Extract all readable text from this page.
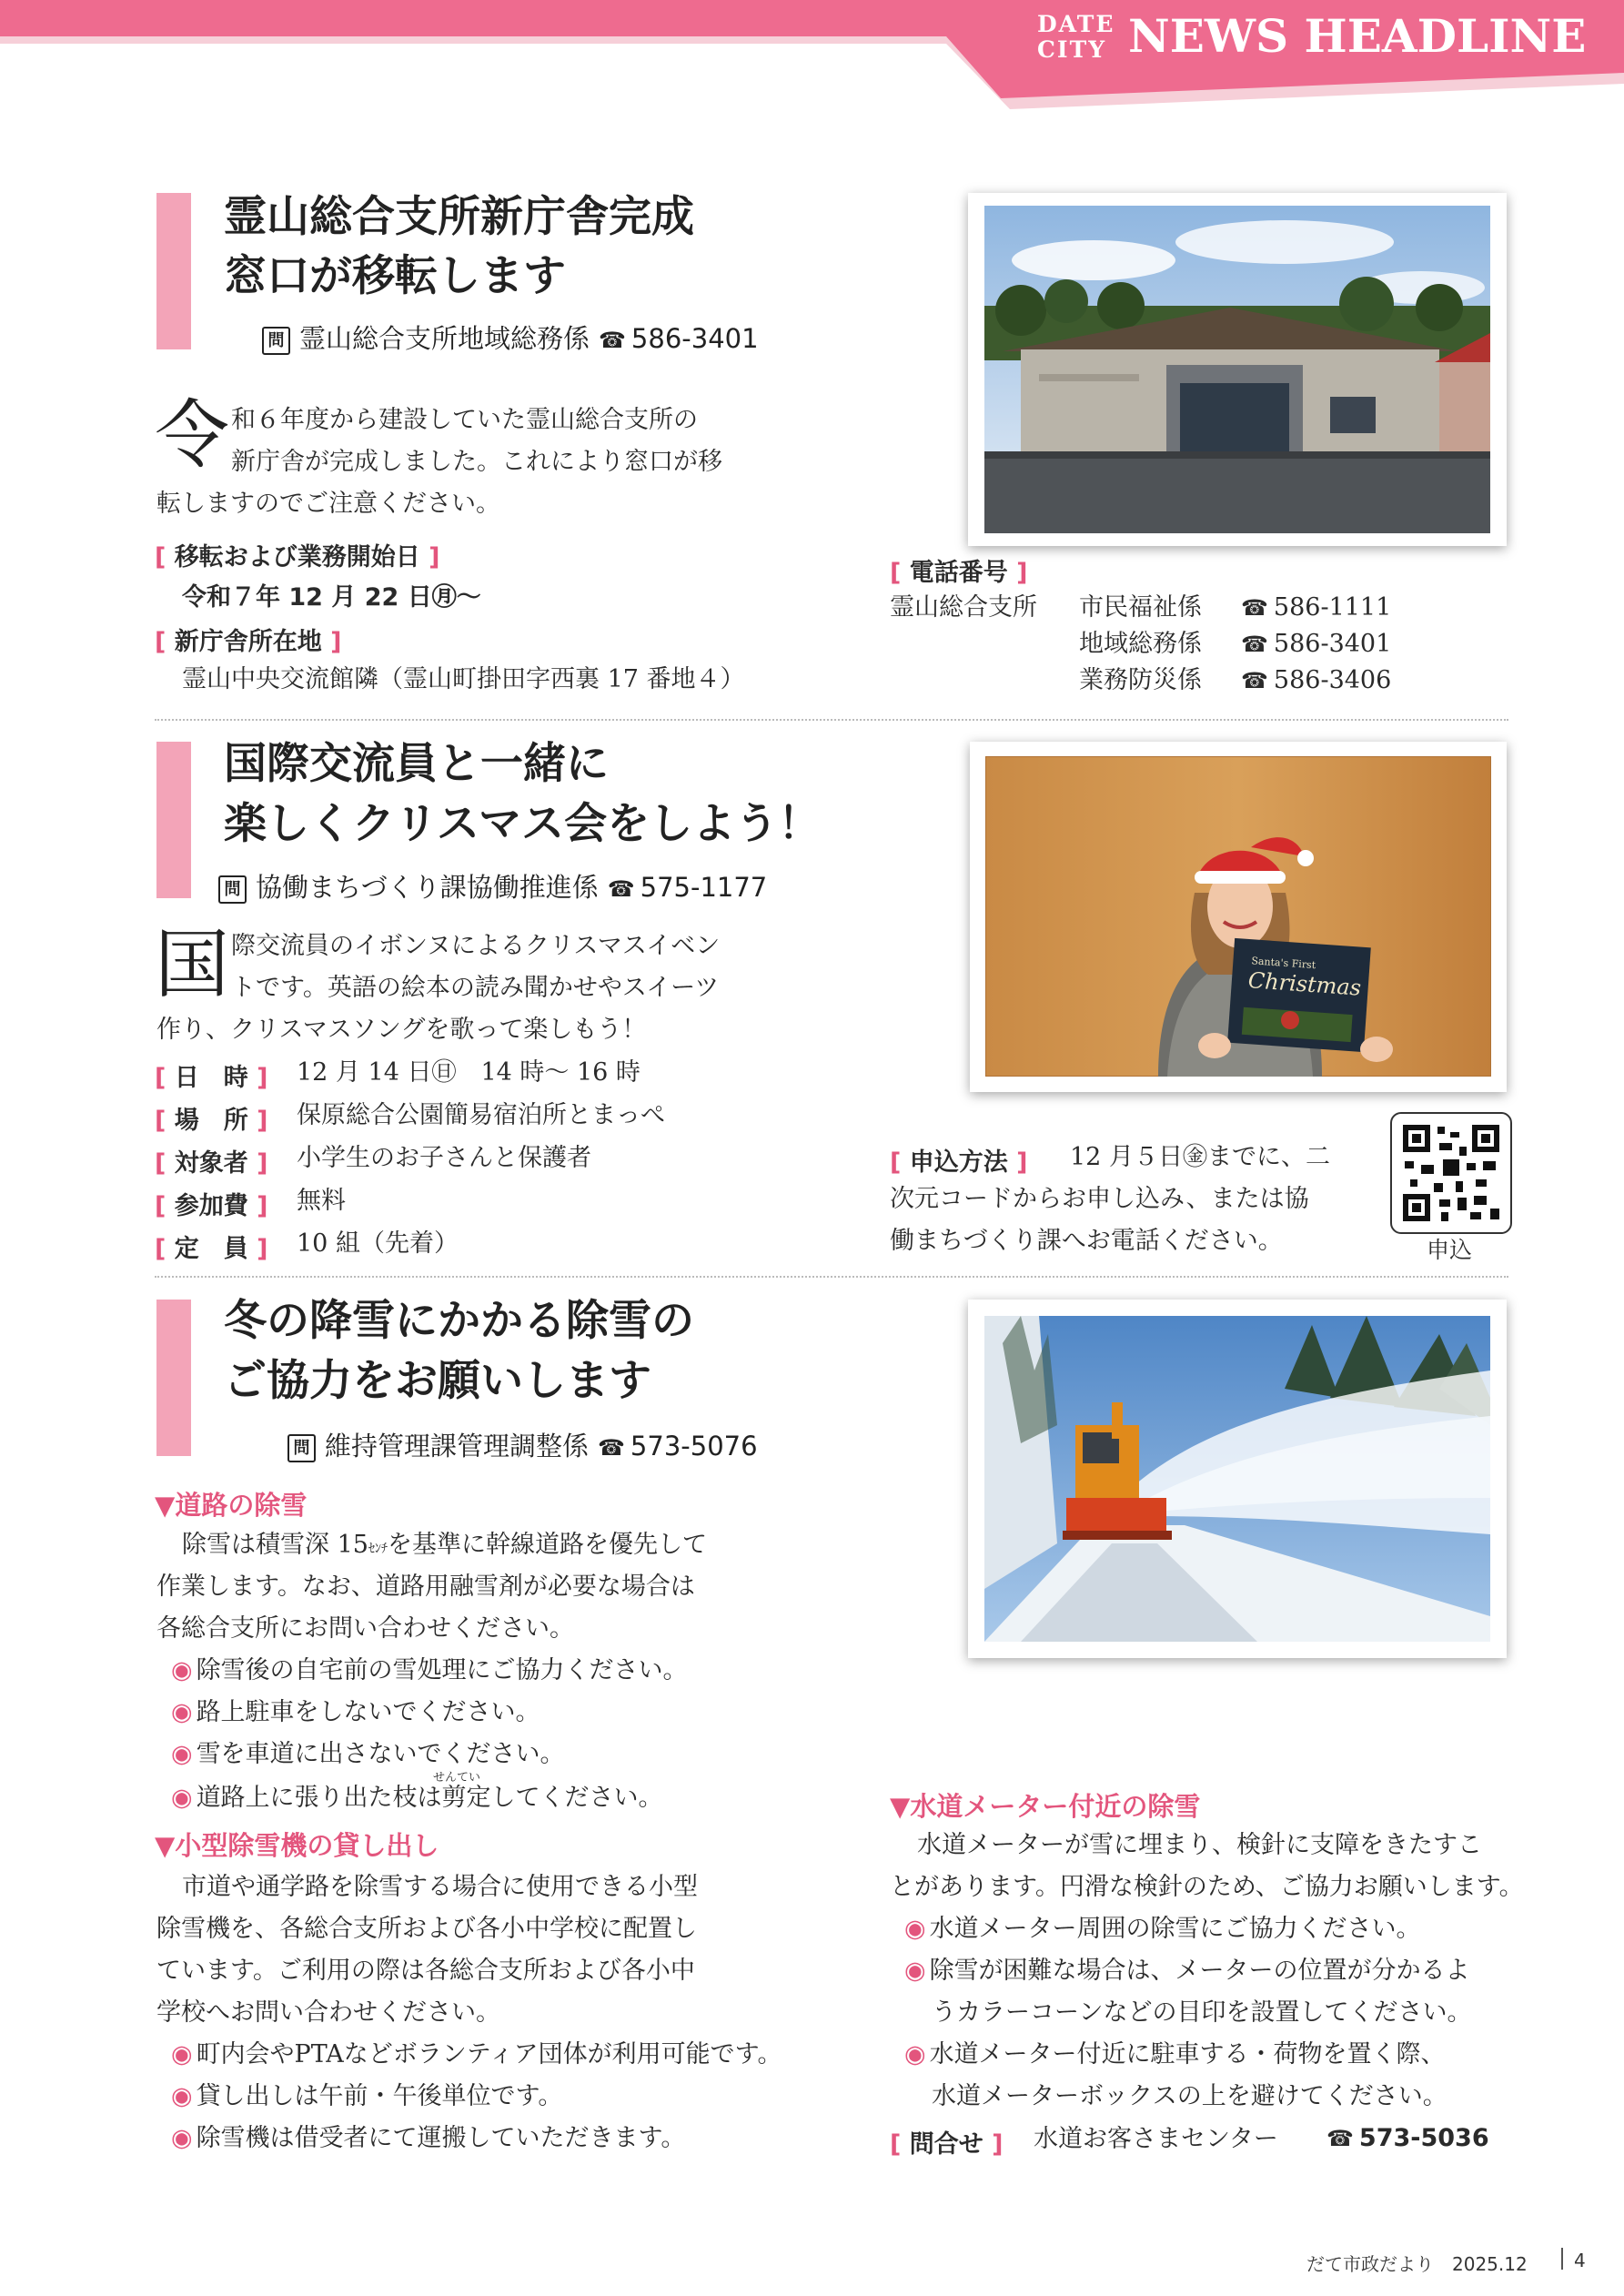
DATE
CITY NEWS HEADLINE
霊山総合支所新庁舎完成
窓口が移転します
問 霊山総合支所地域総務係 ☎ 586-3401
令 和６年度から建設していた霊山総合支所の
新庁舎が完成しました。これにより窓口が移
転しますのでご注意ください。
[ 移転および業務開始日 ]
令和７年 12 月 22 日㊊〜
[ 新庁舎所在地 ]
霊山中央交流館隣（霊山町掛田字西裏 17 番地４）
[ 電話番号 ]
霊山総合支所 市民福祉係 ☎ 586-1111
地域総務係 ☎ 586-3401
業務防災係 ☎ 586-3406
国際交流員と一緒に
楽しくクリスマス会をしよう！
問 協働まちづくり課協働推進係 ☎ 575-1177
国 際交流員のイボンヌによるクリスマスイベン
トです。英語の絵本の読み聞かせやスイーツ
作り、クリスマスソングを歌って楽しもう！
[ 日　時 ] 12 月 14 日㊐　14 時〜 16 時
[ 場　所 ] 保原総合公園簡易宿泊所とまっぺ
[ 対象者 ] 小学生のお子さんと保護者
[ 参加費 ] 無料
[ 定　員 ] 10 組（先着）
Santa's First
Christmas
[ 申込方法 ] 12 月５日㊎までに、二
次元コードからお申し込み、または協
働まちづくり課へお電話ください。	申込
冬の降雪にかかる除雪の
ご協力をお願いします
問 維持管理課管理調整係 ☎ 573-5076
▼道路の除雪
除雪は積雪深 15ｾﾝﾁを基準に幹線道路を優先して
作業します。なお、道路用融雪剤が必要な場合は
各総合支所にお問い合わせください。
◉ 除雪後の自宅前の雪処理にご協力ください。
◉ 路上駐車をしないでください。
◉ 雪を車道に出さないでください。
せんてい
◉ 道路上に張り出た枝は剪定してください。
▼小型除雪機の貸し出し
市道や通学路を除雪する場合に使用できる小型
除雪機を、各総合支所および各小中学校に配置し
ています。ご利用の際は各総合支所および各小中
学校へお問い合わせください。
◉ 町内会やPTAなどボランティア団体が利用可能です。
◉ 貸し出しは午前・午後単位です。
◉ 除雪機は借受者にて運搬していただきます。
▼水道メーター付近の除雪
水道メーターが雪に埋まり、検針に支障をきたすこ
とがあります。円滑な検針のため、ご協力お願いします。
◉ 水道メーター周囲の除雪にご協力ください。
◉ 除雪が困難な場合は、メーターの位置が分かるよ
うカラーコーンなどの目印を設置してください。
◉ 水道メーター付近に駐車する・荷物を置く際、
水道メーターボックスの上を避けてください。
[ 問合せ ] 水道お客さまセンター ☎ 573-5036
だて市政だより　2025.12	4
